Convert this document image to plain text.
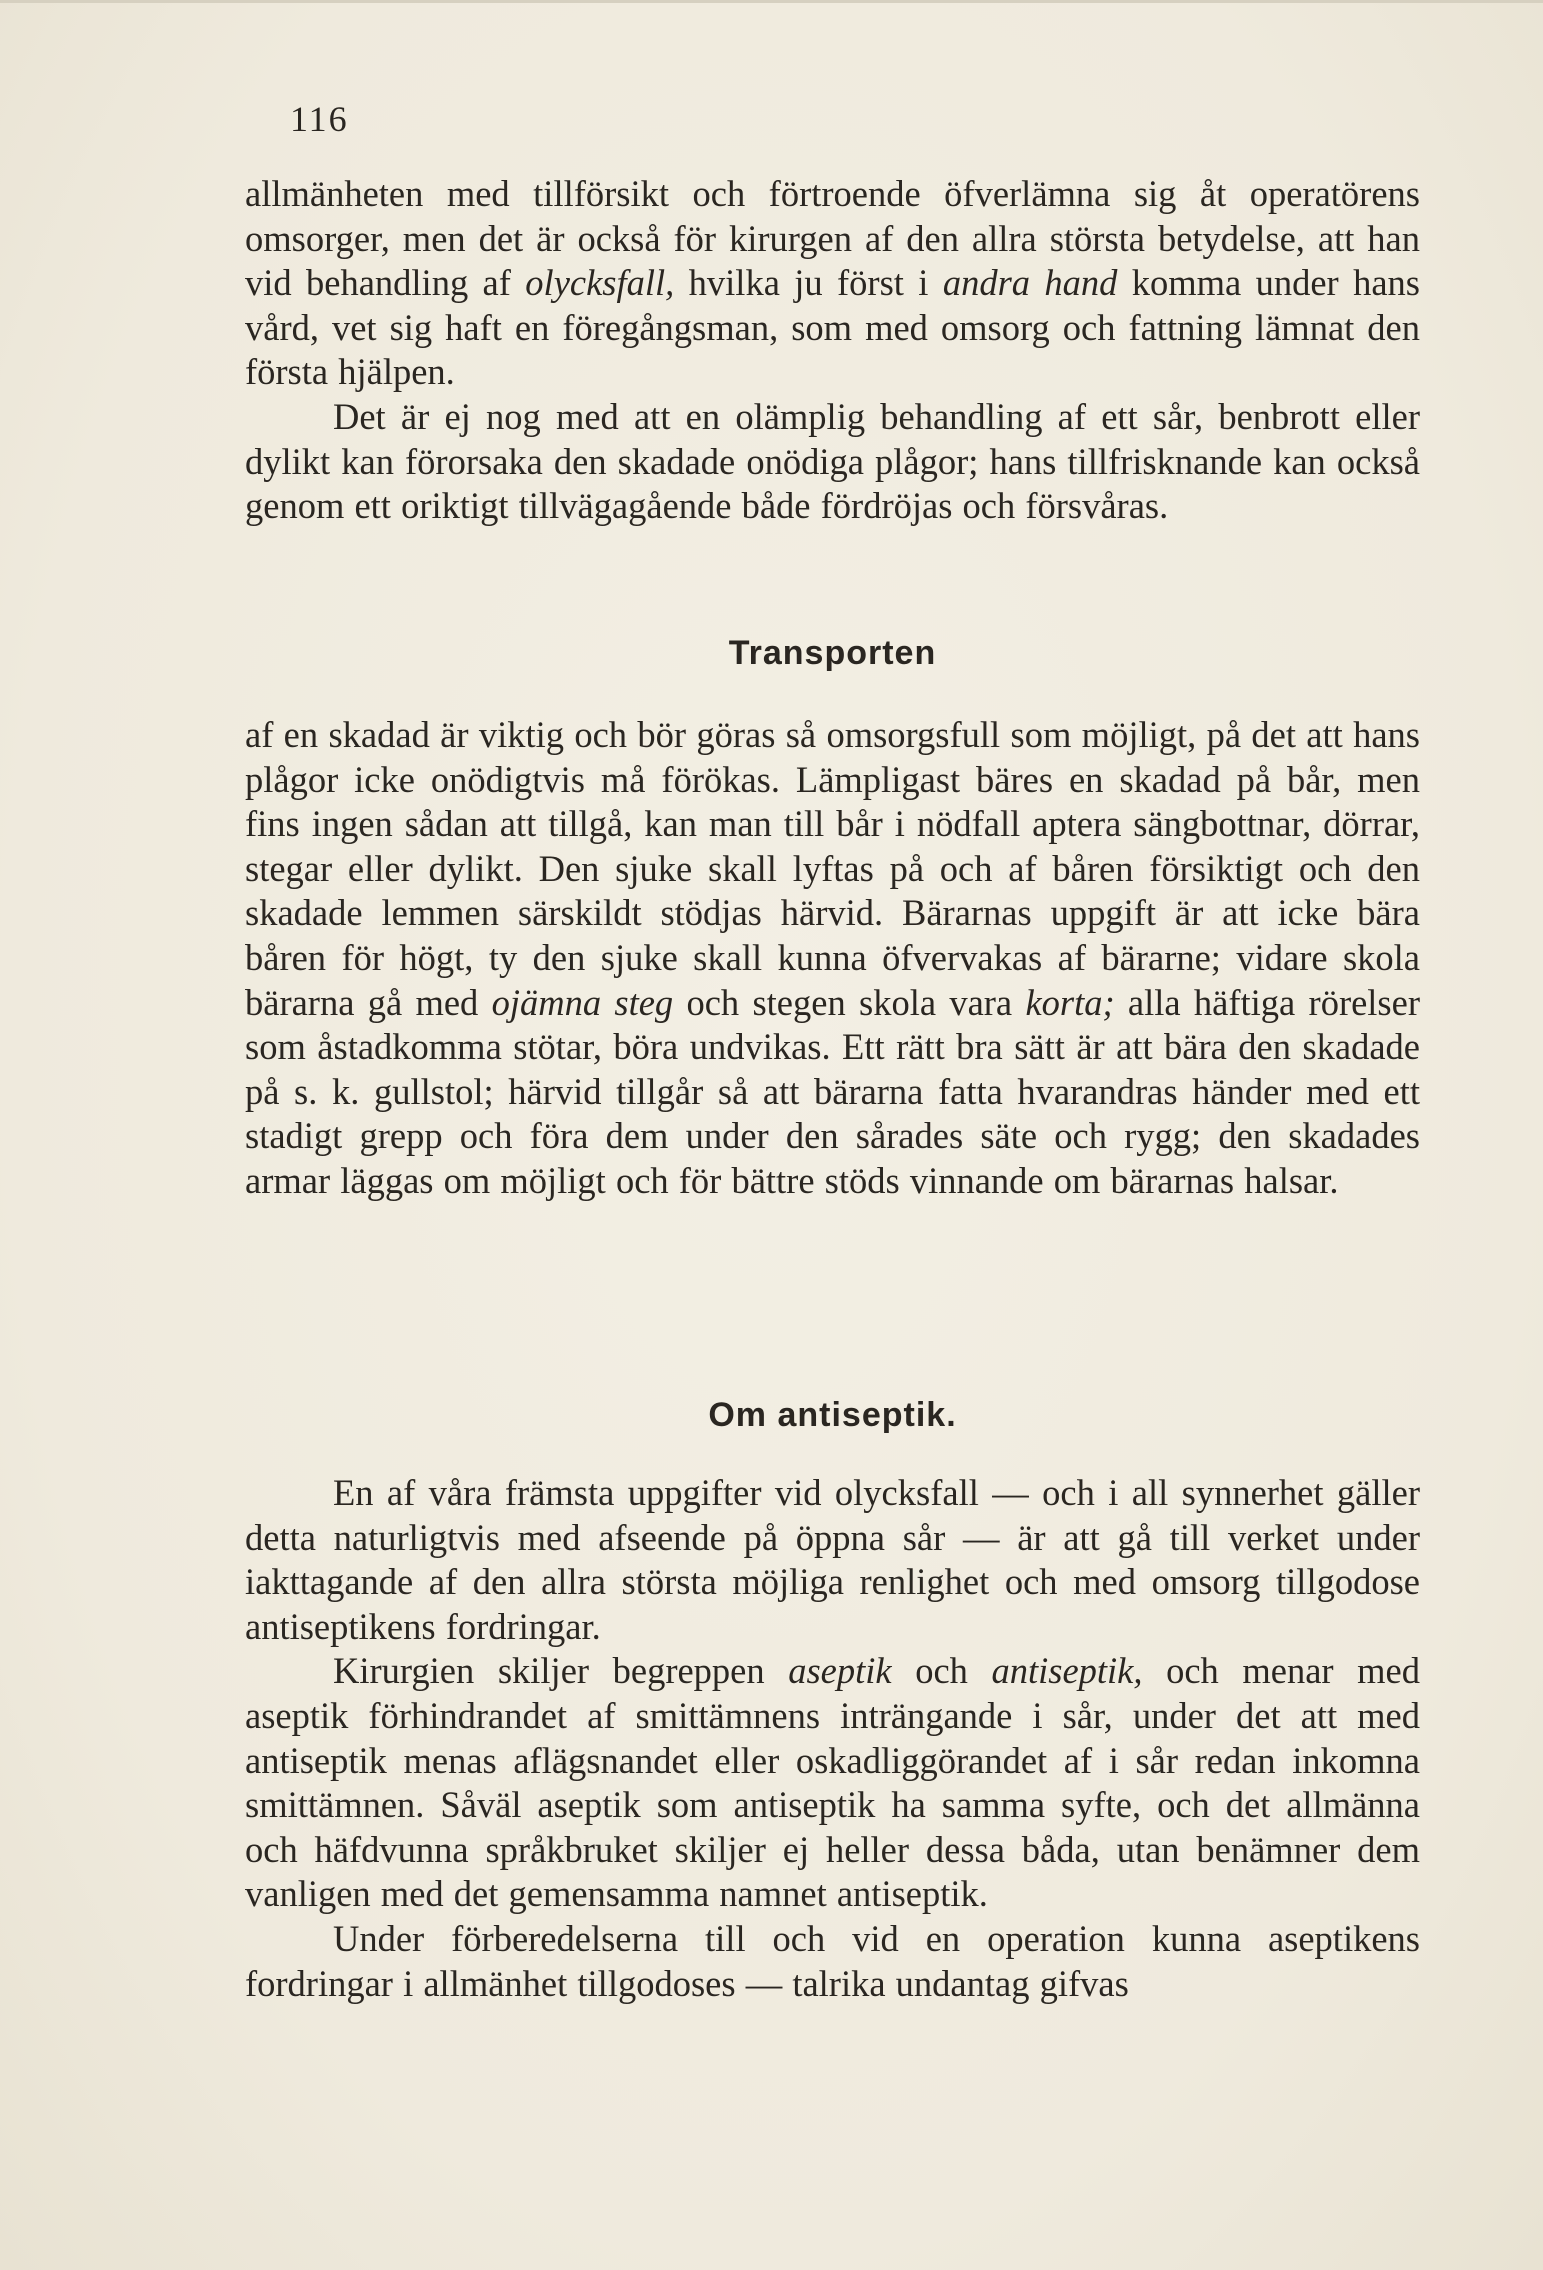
116

allmänheten med tillförsikt och förtroende öfverlämna sig åt operatörens omsorger, men det är också för kirurgen af den allra största betydelse, att han vid behandling af olycksfall, hvilka ju först i andra hand komma under hans vård, vet sig haft en föregångsman, som med omsorg och fattning lämnat den första hjälpen.

Det är ej nog med att en olämplig behandling af ett sår, benbrott eller dylikt kan förorsaka den skadade onödiga plågor; hans tillfrisknande kan också genom ett oriktigt tillvägagående både fördröjas och försvåras.

Transporten

af en skadad är viktig och bör göras så omsorgsfull som möjligt, på det att hans plågor icke onödigtvis må förökas. Lämpligast bäres en skadad på bår, men fins ingen sådan att tillgå, kan man till bår i nödfall aptera sängbottnar, dörrar, stegar eller dylikt. Den sjuke skall lyftas på och af båren försiktigt och den skadade lemmen särskildt stödjas härvid. Bärarnas uppgift är att icke bära båren för högt, ty den sjuke skall kunna öfvervakas af bärarne; vidare skola bärarna gå med ojämna steg och stegen skola vara korta; alla häftiga rörelser som åstadkomma stötar, böra undvikas. Ett rätt bra sätt är att bära den skadade på s. k. gullstol; härvid tillgår så att bärarna fatta hvarandras händer med ett stadigt grepp och föra dem under den sårades säte och rygg; den skadades armar läggas om möjligt och för bättre stöds vinnande om bärarnas halsar.

Om antiseptik.

En af våra främsta uppgifter vid olycksfall — och i all synnerhet gäller detta naturligtvis med afseende på öppna sår — är att gå till verket under iakttagande af den allra största möjliga renlighet och med omsorg tillgodose antiseptikens fordringar.

Kirurgien skiljer begreppen aseptik och antiseptik, och menar med aseptik förhindrandet af smittämnens inträngande i sår, under det att med antiseptik menas aflägsnandet eller oskadliggörandet af i sår redan inkomna smittämnen. Såväl aseptik som antiseptik ha samma syfte, och det allmänna och häfdvunna språkbruket skiljer ej heller dessa båda, utan benämner dem vanligen med det gemensamma namnet antiseptik.

Under förberedelserna till och vid en operation kunna aseptikens fordringar i allmänhet tillgodoses — talrika undantag gifvas
